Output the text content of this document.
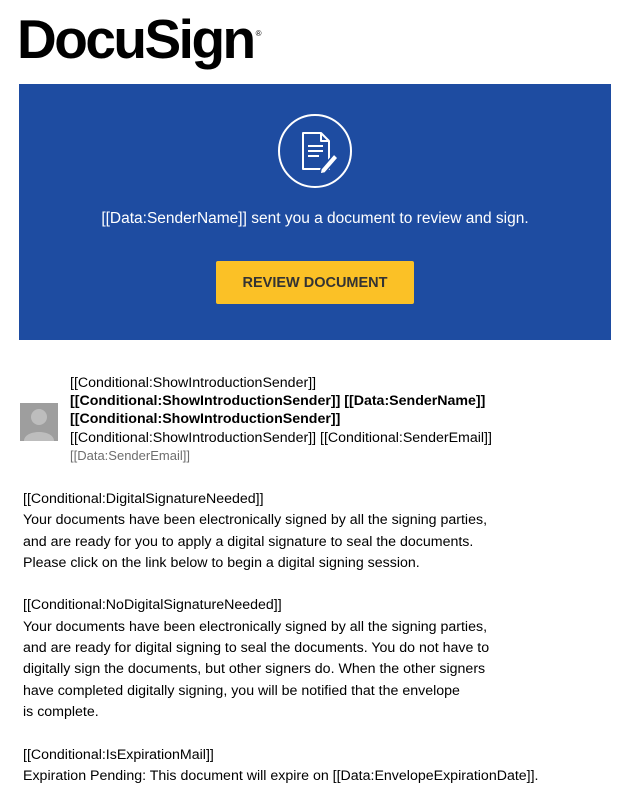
DocuSign ®
[[Data:SenderName]] sent you a document to review and sign.
REVIEW DOCUMENT
[[Conditional:ShowIntroductionSender]]
[[Conditional:ShowIntroductionSender]] [[Data:SenderName]]
[[Conditional:ShowIntroductionSender]]
[[Conditional:ShowIntroductionSender]] [[Conditional:SenderEmail]]
[[Data:SenderEmail]]

[[Conditional:DigitalSignatureNeeded]]

Your documents have been electronically signed by all the signing parties,

and are ready for you to apply a digital signature to seal the documents.

Please click on the link below to begin a digital signing session.

[[Conditional:NoDigitalSignatureNeeded]]

Your documents have been electronically signed by all the signing parties,

and are ready for digital signing to seal the documents. You do not have to

digitally sign the documents, but other signers do. When the other signers

have completed digitally signing, you will be notified that the envelope

is complete.

[[Conditional:IsExpirationMail]]

Expiration Pending: This document will expire on [[Data:EnvelopeExpirationDate]].
